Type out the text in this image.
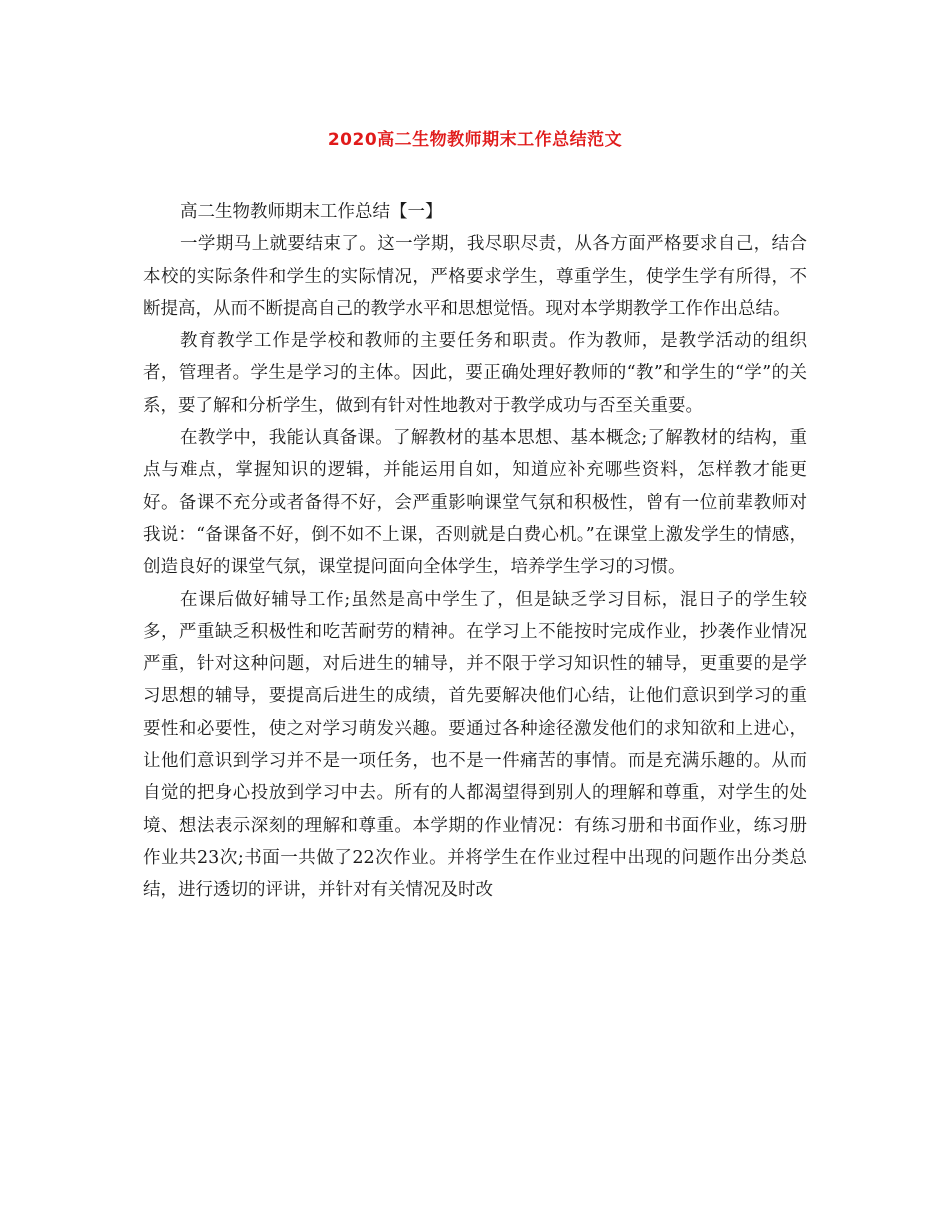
2020高二生物教师期末工作总结范文

高二生物教师期末工作总结【一】

一学期马上就要结束了。这一学期，我尽职尽责，从各方面严格要求自己，结合本校的实际条件和学生的实际情况，严格要求学生，尊重学生，使学生学有所得，不断提高，从而不断提高自己的教学水平和思想觉悟。现对本学期教学工作作出总结。

教育教学工作是学校和教师的主要任务和职责。作为教师，是教学活动的组织者，管理者。学生是学习的主体。因此，要正确处理好教师的“教”和学生的“学”的关系，要了解和分析学生，做到有针对性地教对于教学成功与否至关重要。

在教学中，我能认真备课。了解教材的基本思想、基本概念;了解教材的结构，重点与难点，掌握知识的逻辑，并能运用自如，知道应补充哪些资料，怎样教才能更好。备课不充分或者备得不好，会严重影响课堂气氛和积极性，曾有一位前辈教师对我说：“备课备不好，倒不如不上课，否则就是白费心机。”在课堂上激发学生的情感，创造良好的课堂气氛，课堂提问面向全体学生，培养学生学习的习惯。

在课后做好辅导工作;虽然是高中学生了，但是缺乏学习目标，混日子的学生较多，严重缺乏积极性和吃苦耐劳的精神。在学习上不能按时完成作业，抄袭作业情况严重，针对这种问题，对后进生的辅导，并不限于学习知识性的辅导，更重要的是学习思想的辅导，要提高后进生的成绩，首先要解决他们心结，让他们意识到学习的重要性和必要性，使之对学习萌发兴趣。要通过各种途径激发他们的求知欲和上进心，让他们意识到学习并不是一项任务，也不是一件痛苦的事情。而是充满乐趣的。从而自觉的把身心投放到学习中去。所有的人都渴望得到别人的理解和尊重，对学生的处境、想法表示深刻的理解和尊重。本学期的作业情况：有练习册和书面作业，练习册作业共23次;书面一共做了22次作业。并将学生在作业过程中出现的问题作出分类总结，进行透切的评讲，并针对有关情况及时改
